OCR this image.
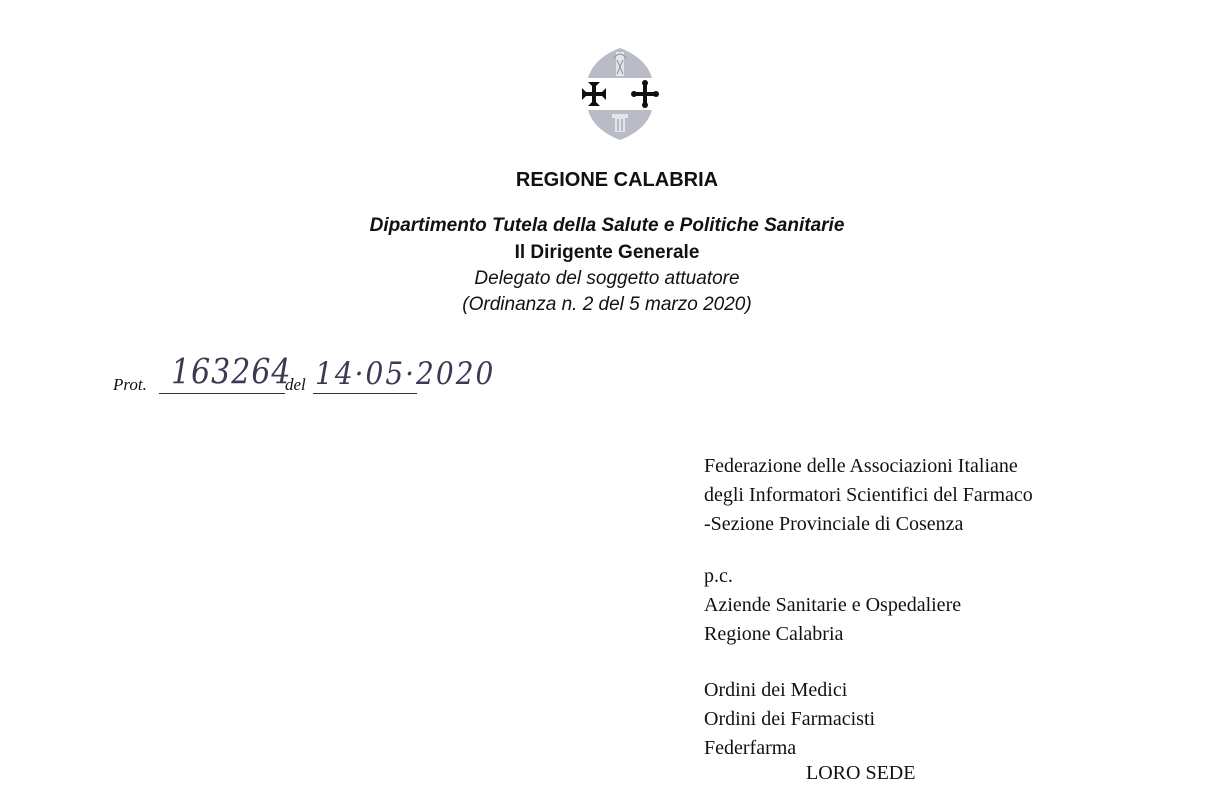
REGIONE CALABRIA
Dipartimento Tutela della Salute e Politiche Sanitarie
Il Dirigente Generale
Delegato del soggetto attuatore
(Ordinanza n. 2 del 5 marzo 2020)
Prot. 163264
del 14·05·2020
Federazione delle Associazioni Italiane
degli Informatori Scientifici del Farmaco
-Sezione Provinciale di Cosenza
p.c.
Aziende Sanitarie e Ospedaliere
Regione Calabria
Ordini dei Medici
Ordini dei Farmacisti
Federfarma
LORO SEDE
